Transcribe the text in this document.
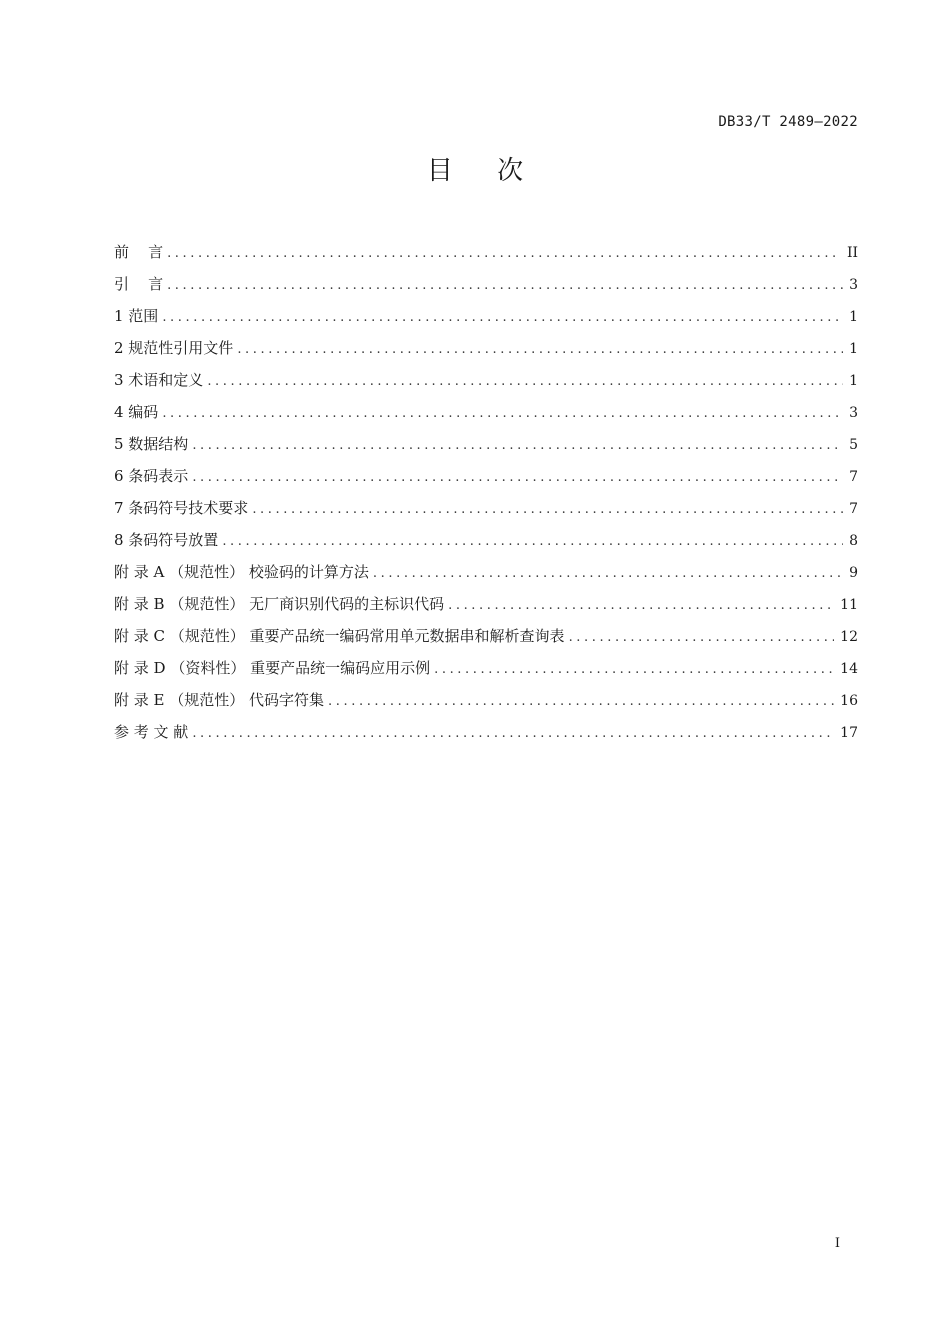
DB33/T 2489—2022
目 次
前    言 .....	II
引    言 .....	3
1 范围 .....	1
2 规范性引用文件 .....	1
3 术语和定义 .....	1
4 编码 .....	3
5 数据结构 .....	5
6 条码表示 .....	7
7 条码符号技术要求 .....	7
8 条码符号放置 .....	8
附 录 A （规范性） 校验码的计算方法 .....	9
附 录 B （规范性） 无厂商识别代码的主标识代码 .....	11
附 录 C （规范性） 重要产品统一编码常用单元数据串和解析查询表 .....	12
附 录 D （资料性） 重要产品统一编码应用示例 .....	14
附 录 E （规范性） 代码字符集 .....	16
参 考 文 献 .....	17
I
